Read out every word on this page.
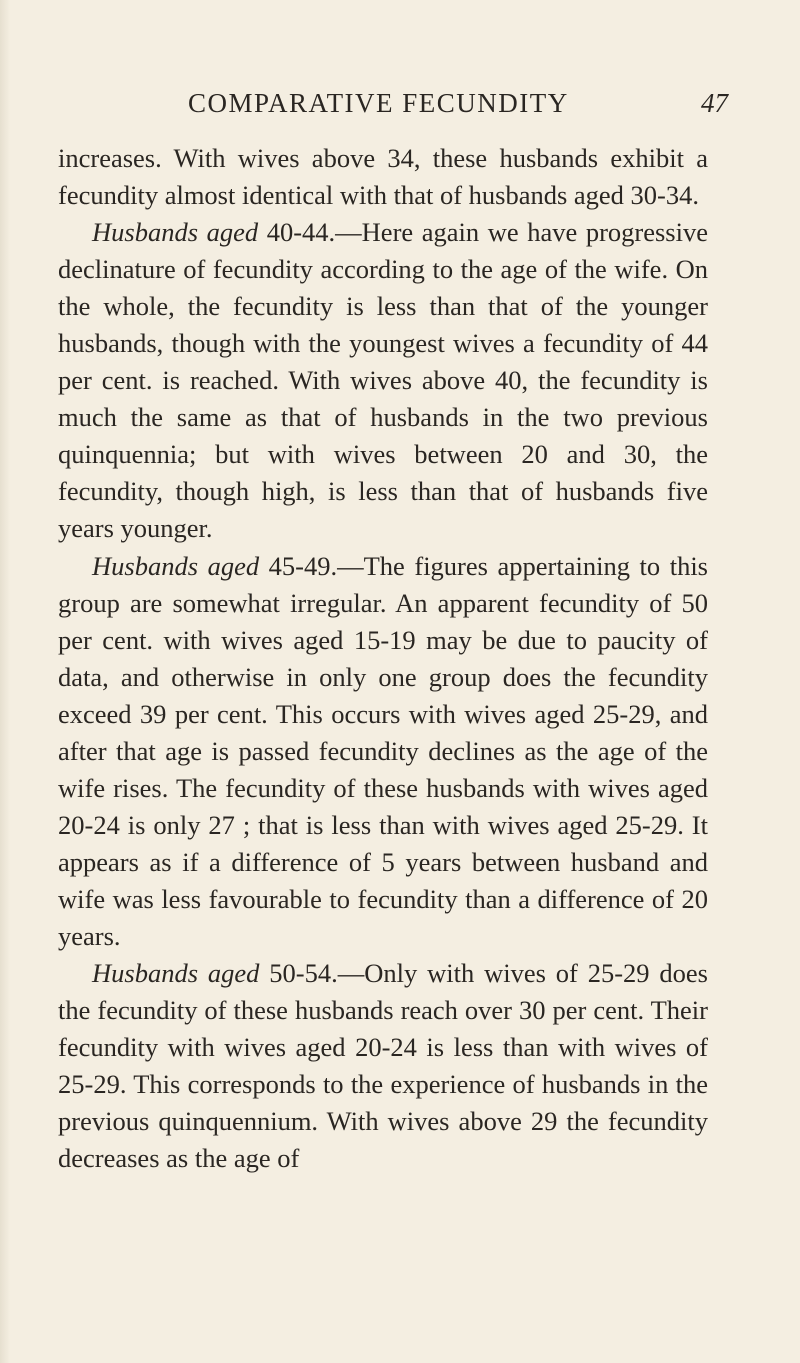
COMPARATIVE FECUNDITY	47

increases. With wives above 34, these husbands exhibit a fecundity almost identical with that of husbands aged 30-34.

Husbands aged 40-44.—Here again we have progressive declinature of fecundity according to the age of the wife. On the whole, the fecundity is less than that of the younger husbands, though with the youngest wives a fecundity of 44 per cent. is reached. With wives above 40, the fecundity is much the same as that of husbands in the two previous quinquennia; but with wives between 20 and 30, the fecundity, though high, is less than that of husbands five years younger.

Husbands aged 45-49.—The figures appertaining to this group are somewhat irregular. An apparent fecundity of 50 per cent. with wives aged 15-19 may be due to paucity of data, and otherwise in only one group does the fecundity exceed 39 per cent. This occurs with wives aged 25-29, and after that age is passed fecundity declines as the age of the wife rises. The fecundity of these husbands with wives aged 20-24 is only 27 ; that is less than with wives aged 25-29. It appears as if a difference of 5 years between husband and wife was less favourable to fecundity than a difference of 20 years.

Husbands aged 50-54.—Only with wives of 25-29 does the fecundity of these husbands reach over 30 per cent. Their fecundity with wives aged 20-24 is less than with wives of 25-29. This corresponds to the experience of husbands in the previous quinquennium. With wives above 29 the fecundity decreases as the age of
